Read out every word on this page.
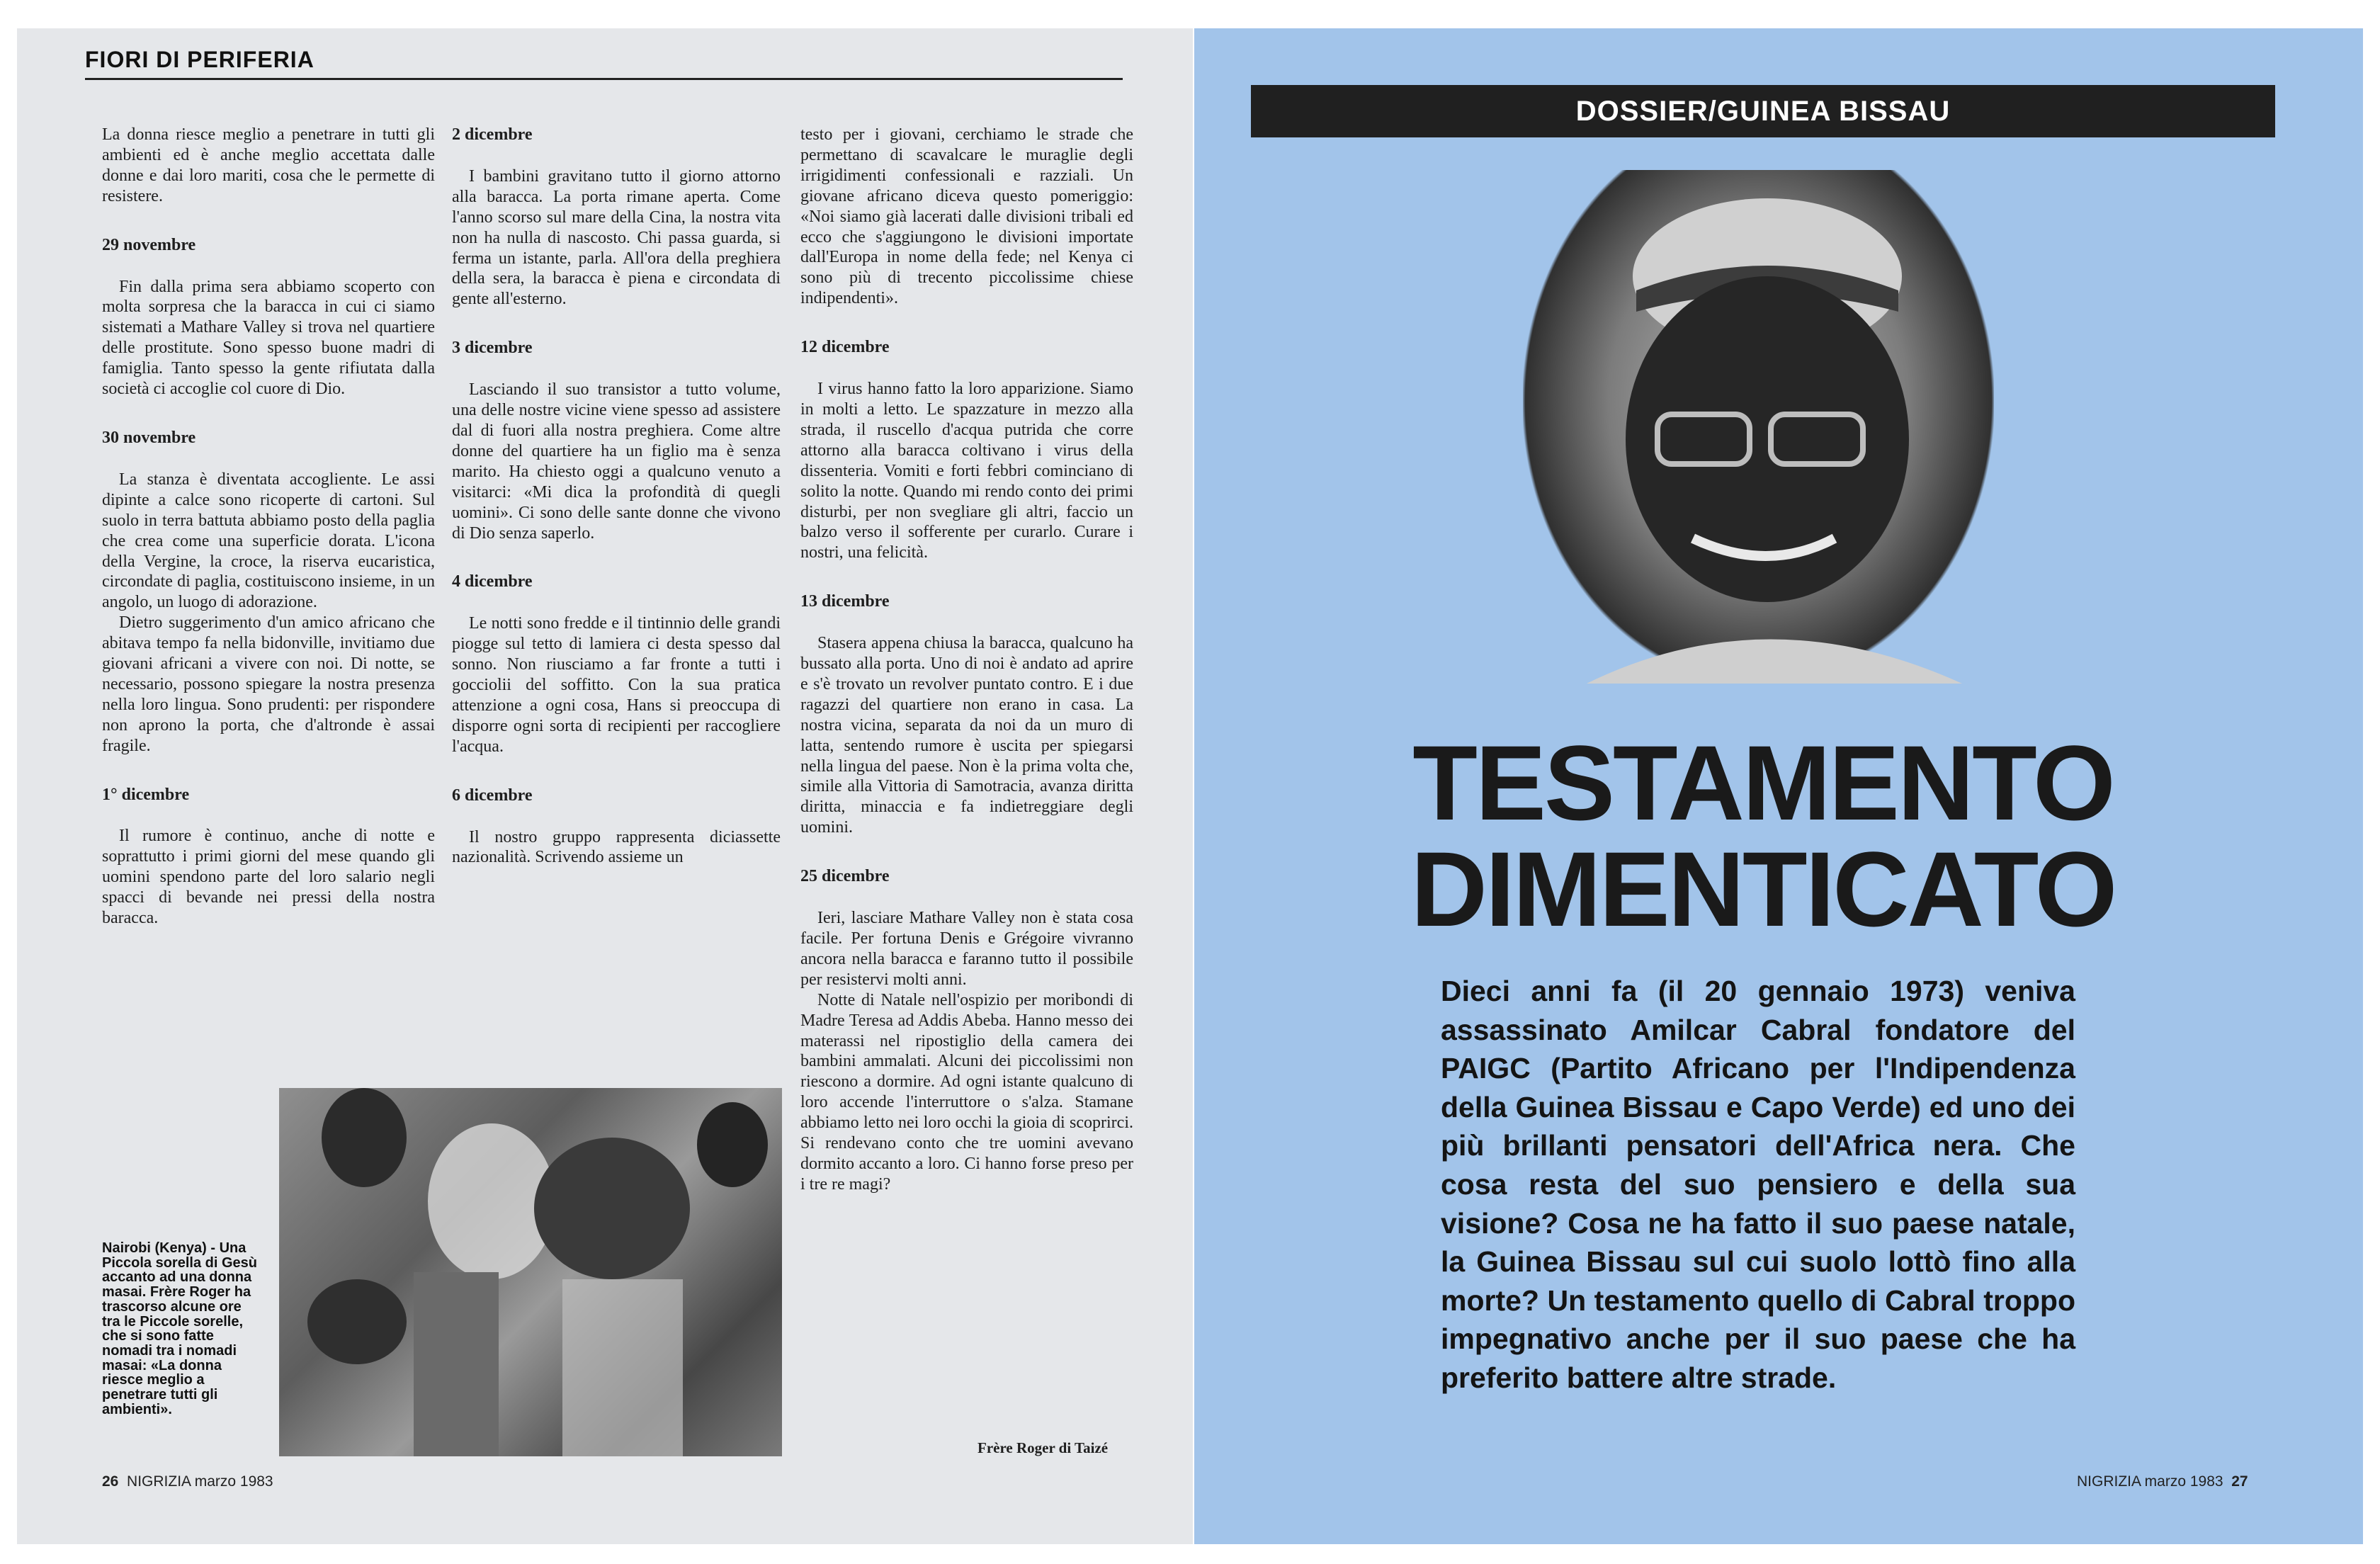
FIORI DI PERIFERIA

La donna riesce meglio a penetrare in tutti gli ambienti ed è anche meglio accettata dalle donne e dai loro mariti, cosa che le permette di resistere.

29 novembre

Fin dalla prima sera abbiamo scoperto con molta sorpresa che la baracca in cui ci siamo sistemati a Mathare Valley si trova nel quartiere delle prostitute. Sono spesso buone madri di famiglia. Tanto spesso la gente rifiutata dalla società ci accoglie col cuore di Dio.

30 novembre

La stanza è diventata accogliente. Le assi dipinte a calce sono ricoperte di cartoni. Sul suolo in terra battuta abbiamo posto della paglia che crea come una superficie dorata. L'icona della Vergine, la croce, la riserva eucaristica, circondate di paglia, costituiscono insieme, in un angolo, un luogo di adorazione.

Dietro suggerimento d'un amico africano che abitava tempo fa nella bidonville, invitiamo due giovani africani a vivere con noi. Di notte, se necessario, possono spiegare la nostra presenza nella loro lingua. Sono prudenti: per rispondere non aprono la porta, che d'altronde è assai fragile.

1° dicembre

Il rumore è continuo, anche di notte e soprattutto i primi giorni del mese quando gli uomini spendono parte del loro salario negli spacci di bevande nei pressi della nostra baracca.

2 dicembre

I bambini gravitano tutto il giorno attorno alla baracca. La porta rimane aperta. Come l'anno scorso sul mare della Cina, la nostra vita non ha nulla di nascosto. Chi passa guarda, si ferma un istante, parla. All'ora della preghiera della sera, la baracca è piena e circondata di gente all'esterno.

3 dicembre

Lasciando il suo transistor a tutto volume, una delle nostre vicine viene spesso ad assistere dal di fuori alla nostra preghiera. Come altre donne del quartiere ha un figlio ma è senza marito. Ha chiesto oggi a qualcuno venuto a visitarci: «Mi dica la profondità di quegli uomini». Ci sono delle sante donne che vivono di Dio senza saperlo.

4 dicembre

Le notti sono fredde e il tintinnio delle grandi piogge sul tetto di lamiera ci desta spesso dal sonno. Non riusciamo a far fronte a tutti i gocciolii del soffitto. Con la sua pratica attenzione a ogni cosa, Hans si preoccupa di disporre ogni sorta di recipienti per raccogliere l'acqua.

6 dicembre

Il nostro gruppo rappresenta diciassette nazionalità. Scrivendo assieme un

testo per i giovani, cerchiamo le strade che permettano di scavalcare le muraglie degli irrigidimenti confessionali e razziali. Un giovane africano diceva questo pomeriggio: «Noi siamo già lacerati dalle divisioni tribali ed ecco che s'aggiungono le divisioni importate dall'Europa in nome della fede; nel Kenya ci sono più di trecento piccolissime chiese indipendenti».

12 dicembre

I virus hanno fatto la loro apparizione. Siamo in molti a letto. Le spazzature in mezzo alla strada, il ruscello d'acqua putrida che corre attorno alla baracca coltivano i virus della dissenteria. Vomiti e forti febbri cominciano di solito la notte. Quando mi rendo conto dei primi disturbi, per non svegliare gli altri, faccio un balzo verso il sofferente per curarlo. Curare i nostri, una felicità.

13 dicembre

Stasera appena chiusa la baracca, qualcuno ha bussato alla porta. Uno di noi è andato ad aprire e s'è trovato un revolver puntato contro. E i due ragazzi del quartiere non erano in casa. La nostra vicina, separata da noi da un muro di latta, sentendo rumore è uscita per spiegarsi nella lingua del paese. Non è la prima volta che, simile alla Vittoria di Samotracia, avanza diritta diritta, minaccia e fa indietreggiare degli uomini.

25 dicembre

Ieri, lasciare Mathare Valley non è stata cosa facile. Per fortuna Denis e Grégoire vivranno ancora nella baracca e faranno tutto il possibile per resistervi molti anni.

Notte di Natale nell'ospizio per moribondi di Madre Teresa ad Addis Abeba. Hanno messo dei materassi nel ripostiglio della camera dei bambini ammalati. Alcuni dei piccolissimi non riescono a dormire. Ad ogni istante qualcuno di loro accende l'interruttore o s'alza. Stamane abbiamo letto nei loro occhi la gioia di scoprirci. Si rendevano conto che tre uomini avevano dormito accanto a loro. Ci hanno forse preso per i tre re magi?

Frère Roger di Taizé
Nairobi (Kenya) - Una Piccola sorella di Gesù accanto ad una donna masai. Frère Roger ha trascorso alcune ore tra le Piccole sorelle, che si sono fatte nomadi tra i nomadi masai: «La donna riesce meglio a penetrare tutti gli ambienti».
26 NIGRIZIA marzo 1983
DOSSIER/GUINEA BISSAU
TESTAMENTO
DIMENTICATO
Dieci anni fa (il 20 gennaio 1973) veniva assassinato Amilcar Cabral fondatore del PAIGC (Partito Africano per l'Indipendenza della Guinea Bissau e Capo Verde) ed uno dei più brillanti pensatori dell'Africa nera. Che cosa resta del suo pensiero e della sua visione? Cosa ne ha fatto il suo paese natale, la Guinea Bissau sul cui suolo lottò fino alla morte? Un testamento quello di Cabral troppo impegnativo anche per il suo paese che ha preferito battere altre strade.
NIGRIZIA marzo 1983 27
